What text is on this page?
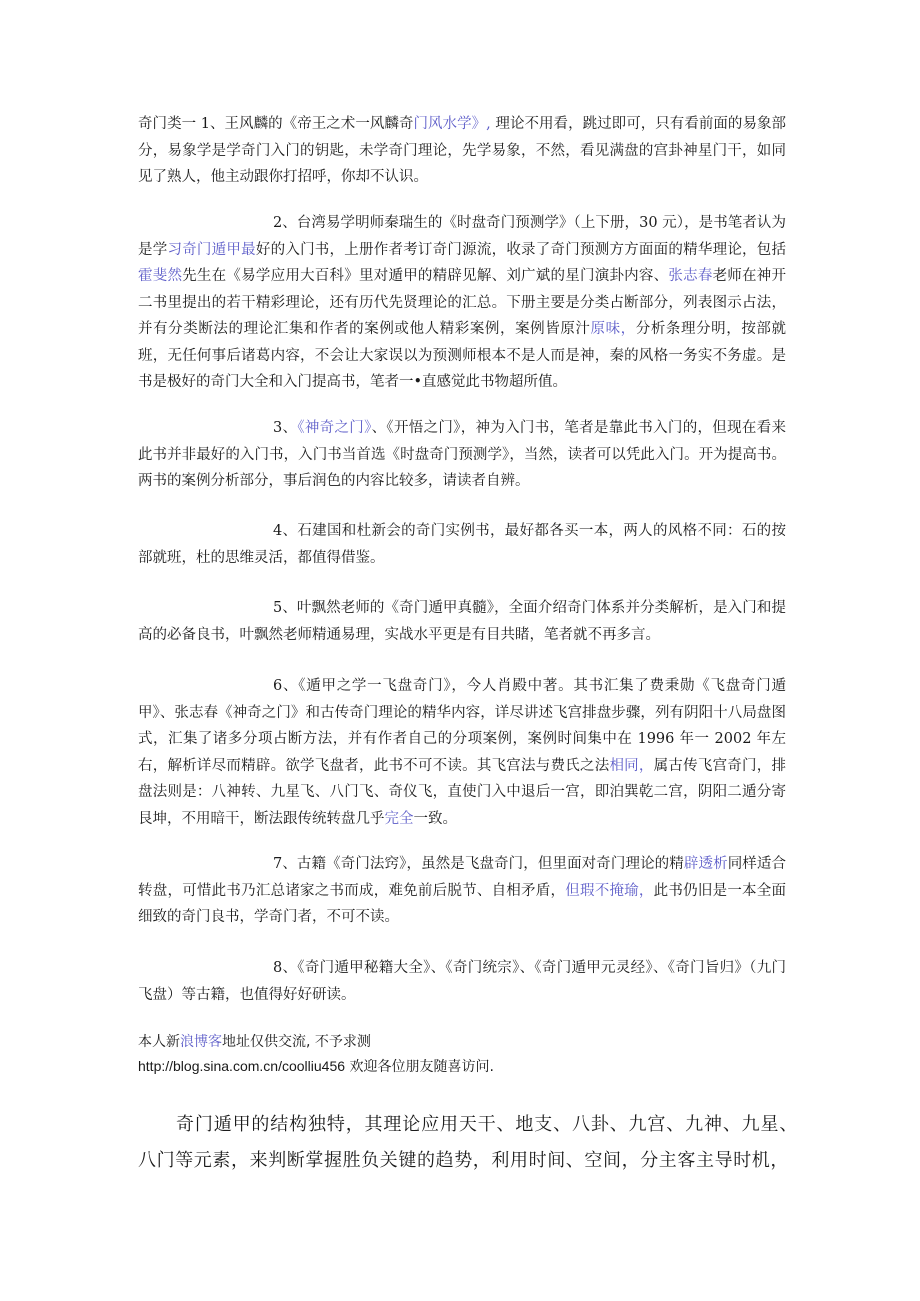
奇门类一 1、王风麟的《帝王之术一风麟奇门风水学》, 理论不用看，跳过即可，只有看前面的易象部分，易象学是学奇门入门的钥匙，未学奇门理论，先学易象，不然，看见满盘的宫卦神星门干，如同见了熟人，他主动跟你打招呼，你却不认识。

2、台湾易学明师秦瑞生的《时盘奇门预测学》（上下册，30 元），是书笔者认为是学习奇门遁甲最好的入门书，上册作者考订奇门源流，收录了奇门预测方方面面的精华理论，包括霍斐然先生在《易学应用大百科》里对遁甲的精辟见解、刘广斌的星门演卦内容、张志春老师在神开二书里提出的若干精彩理论，还有历代先贤理论的汇总。下册主要是分类占断部分，列表图示占法，并有分类断法的理论汇集和作者的案例或他人精彩案例，案例皆原汁原味，分析条理分明，按部就班，无任何事后诸葛内容，不会让大家误以为预测师根本不是人而是神，秦的风格一务实不务虚。是书是极好的奇门大全和入门提高书，笔者一•直感觉此书物超所值。

3、《神奇之门》、《开悟之门》，神为入门书，笔者是靠此书入门的，但现在看来此书并非最好的入门书，入门书当首选《时盘奇门预测学》，当然，读者可以凭此入门。开为提高书。两书的案例分析部分，事后润色的内容比较多，请读者自辨。

4、石建国和杜新会的奇门实例书，最好都各买一本，两人的风格不同：石的按部就班，杜的思维灵活，都值得借鉴。

5、叶飘然老师的《奇门遁甲真髓》，全面介绍奇门体系并分类解析，是入门和提高的必备良书，叶飘然老师精通易理，实战水平更是有目共睹，笔者就不再多言。

6、《遁甲之学一飞盘奇门》，今人肖殿中著。其书汇集了费秉勋《飞盘奇门遁甲》、张志春《神奇之门》和古传奇门理论的精华内容，详尽讲述飞宫排盘步骤，列有阴阳十八局盘图式，汇集了诸多分项占断方法，并有作者自己的分项案例，案例时间集中在 1996 年一 2002 年左右，解析详尽而精辟。欲学飞盘者，此书不可不读。其飞宫法与费氏之法相同，属古传飞宫奇门，排盘法则是：八神转、九星飞、八门飞、奇仪飞，直使门入中退后一宫，即泊巽乾二宫，阴阳二遁分寄艮坤，不用暗干，断法跟传统转盘几乎完全一致。

7、古籍《奇门法窍》，虽然是飞盘奇门，但里面对奇门理论的精辟透析同样适合转盘，可惜此书乃汇总诸家之书而成，难免前后脱节、自相矛盾，但瑕不掩瑜，此书仍旧是一本全面细致的奇门良书，学奇门者，不可不读。

8、《奇门遁甲秘籍大全》、《奇门统宗》、《奇门遁甲元灵经》、《奇门旨归》（九门飞盘）等古籍，也值得好好研读。

本人新浪博客地址仅供交流, 不予求测
http://blog.sina.com.cn/coolliu456 欢迎各位朋友随喜访问.

奇门遁甲的结构独特，其理论应用天干、地支、八卦、九宫、九神、九星、八门等元素，来判断掌握胜负关键的趋势，利用时间、空间，分主客主导时机，
